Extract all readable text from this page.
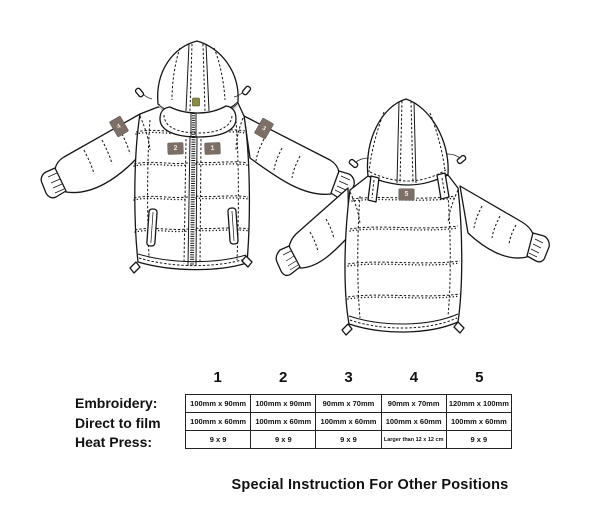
1
2
3
4
5
1	2	3	4	5
Embroidery:
Direct to film
Heat Press:
100mm x 90mm	100mm x 90mm	90mm x 70mm	90mm x 70mm	120mm x 100mm
100mm x 60mm	100mm x 60mm	100mm x 60mm	100mm x 60mm	100mm x 60mm
9 x 9	9 x 9	9 x 9	Larger than 12 x 12 cm	9 x 9
Special Instruction For Other Positions
